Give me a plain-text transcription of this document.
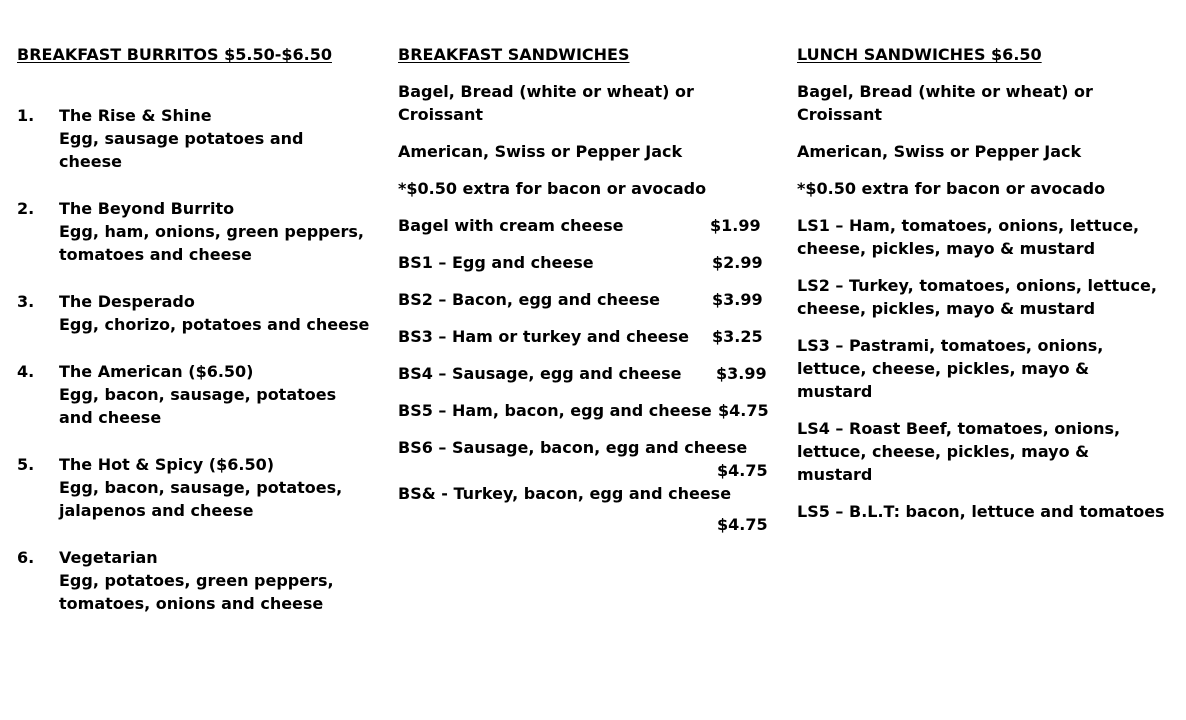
BREAKFAST BURRITOS $5.50-$6.50
1. The Rise & Shine
Egg, sausage potatoes and cheese
2. The Beyond Burrito
Egg, ham, onions, green peppers, tomatoes and cheese
3. The Desperado
Egg, chorizo, potatoes and cheese
4. The American ($6.50)
Egg, bacon, sausage, potatoes and cheese
5. The Hot & Spicy ($6.50)
Egg, bacon, sausage, potatoes, jalapenos and cheese
6. Vegetarian
Egg, potatoes, green peppers, tomatoes, onions and cheese
BREAKFAST SANDWICHES
Bagel, Bread (white or wheat) or Croissant
American, Swiss or Pepper Jack
*$0.50 extra for bacon or avocado
Bagel with cream cheese	$1.99
BS1 – Egg and cheese	$2.99
BS2 – Bacon, egg and cheese	$3.99
BS3 – Ham or turkey and cheese $3.25
BS4 – Sausage, egg and cheese $3.99
BS5 – Ham, bacon, egg and cheese $4.75
BS6 – Sausage, bacon, egg and cheese
$4.75
BS& - Turkey, bacon, egg and cheese
$4.75
LUNCH SANDWICHES $6.50
Bagel, Bread (white or wheat) or Croissant
American, Swiss or Pepper Jack
*$0.50 extra for bacon or avocado
LS1 – Ham, tomatoes, onions, lettuce, cheese, pickles, mayo & mustard
LS2 – Turkey, tomatoes, onions, lettuce, cheese, pickles, mayo & mustard
LS3 – Pastrami, tomatoes, onions, lettuce, cheese, pickles, mayo & mustard
LS4 – Roast Beef, tomatoes, onions, lettuce, cheese, pickles, mayo & mustard
LS5 – B.L.T: bacon, lettuce and tomatoes
